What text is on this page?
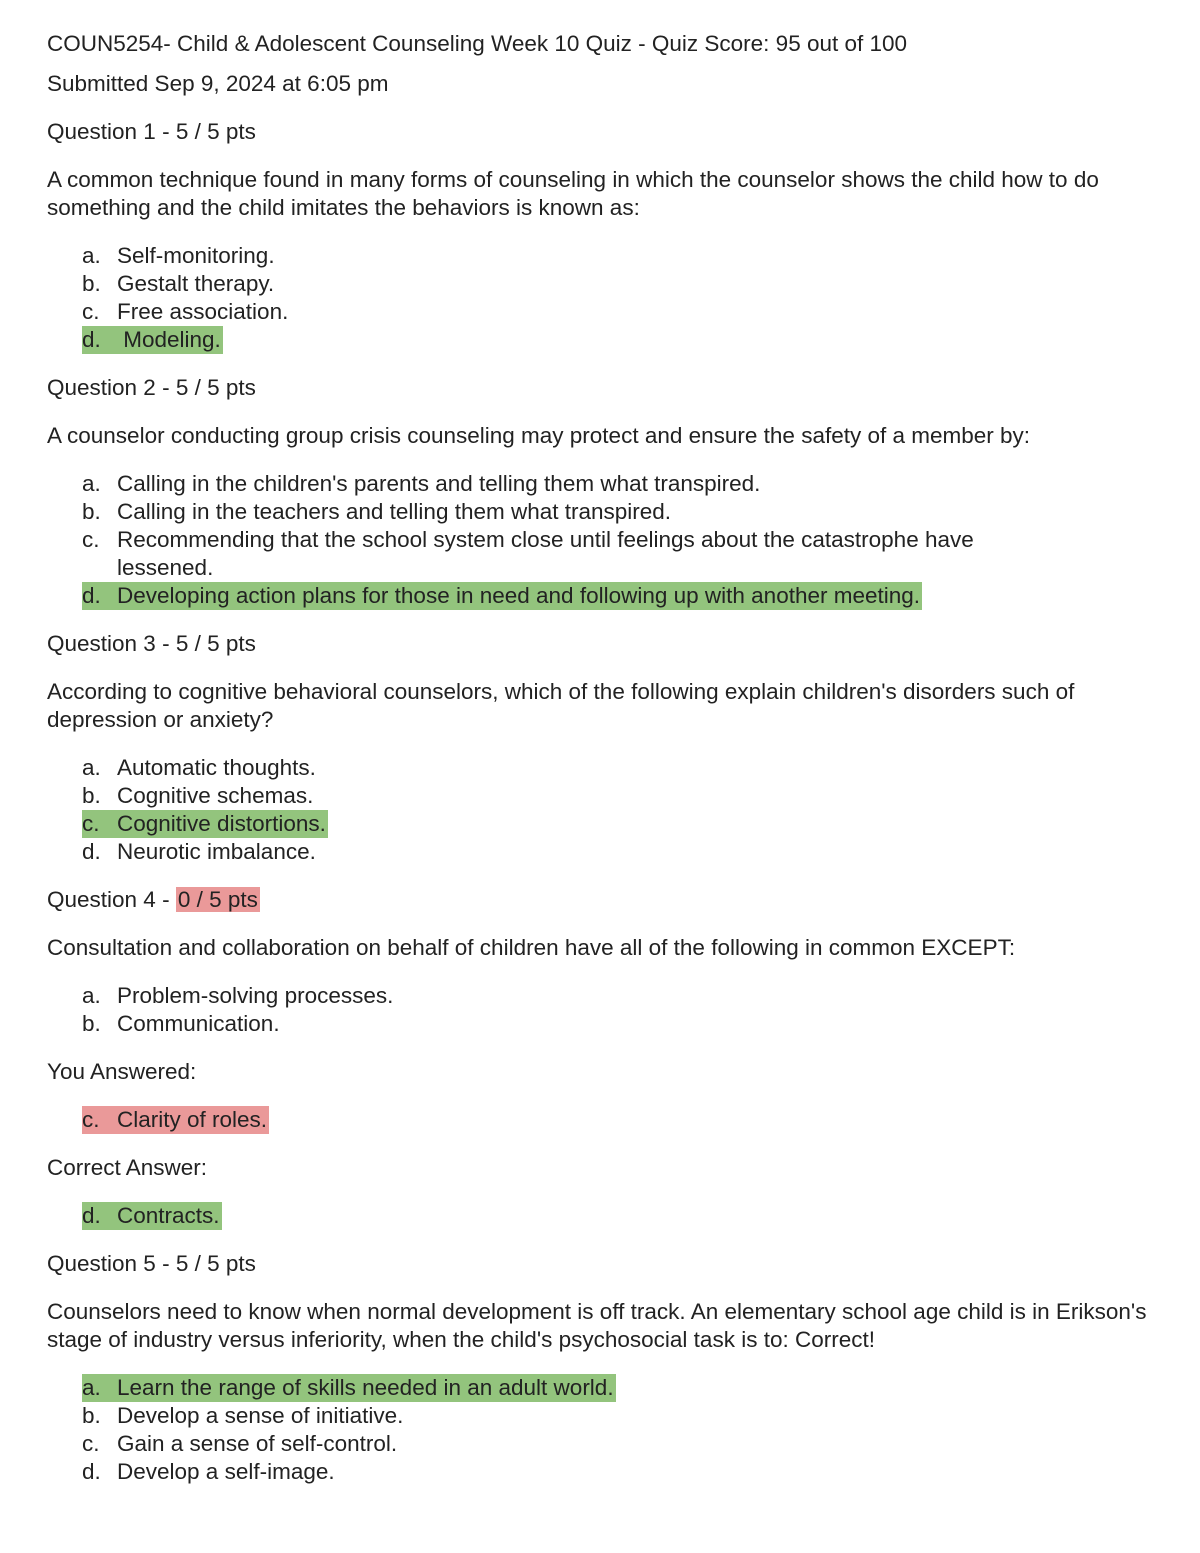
COUN5254- Child & Adolescent Counseling Week 10 Quiz - Quiz Score: 95 out of 100
Submitted Sep 9, 2024 at 6:05 pm
Question 1 - 5 / 5 pts
A common technique found in many forms of counseling in which the counselor shows the child how to do something and the child imitates the behaviors is known as:
a. Self-monitoring.
b. Gestalt therapy.
c. Free association.
d. Modeling.
Question 2 - 5 / 5 pts
A counselor conducting group crisis counseling may protect and ensure the safety of a member by:
a. Calling in the children's parents and telling them what transpired.
b. Calling in the teachers and telling them what transpired.
c. Recommending that the school system close until feelings about the catastrophe have lessened.
d. Developing action plans for those in need and following up with another meeting.
Question 3 - 5 / 5 pts
According to cognitive behavioral counselors, which of the following explain children's disorders such of depression or anxiety?
a. Automatic thoughts.
b. Cognitive schemas.
c. Cognitive distortions.
d. Neurotic imbalance.
Question 4 - 0 / 5 pts
Consultation and collaboration on behalf of children have all of the following in common EXCEPT:
a. Problem-solving processes.
b. Communication.
You Answered:
c. Clarity of roles.
Correct Answer:
d. Contracts.
Question 5 - 5 / 5 pts
Counselors need to know when normal development is off track. An elementary school age child is in Erikson's stage of industry versus inferiority, when the child's psychosocial task is to: Correct!
a. Learn the range of skills needed in an adult world.
b. Develop a sense of initiative.
c. Gain a sense of self-control.
d. Develop a self-image.
